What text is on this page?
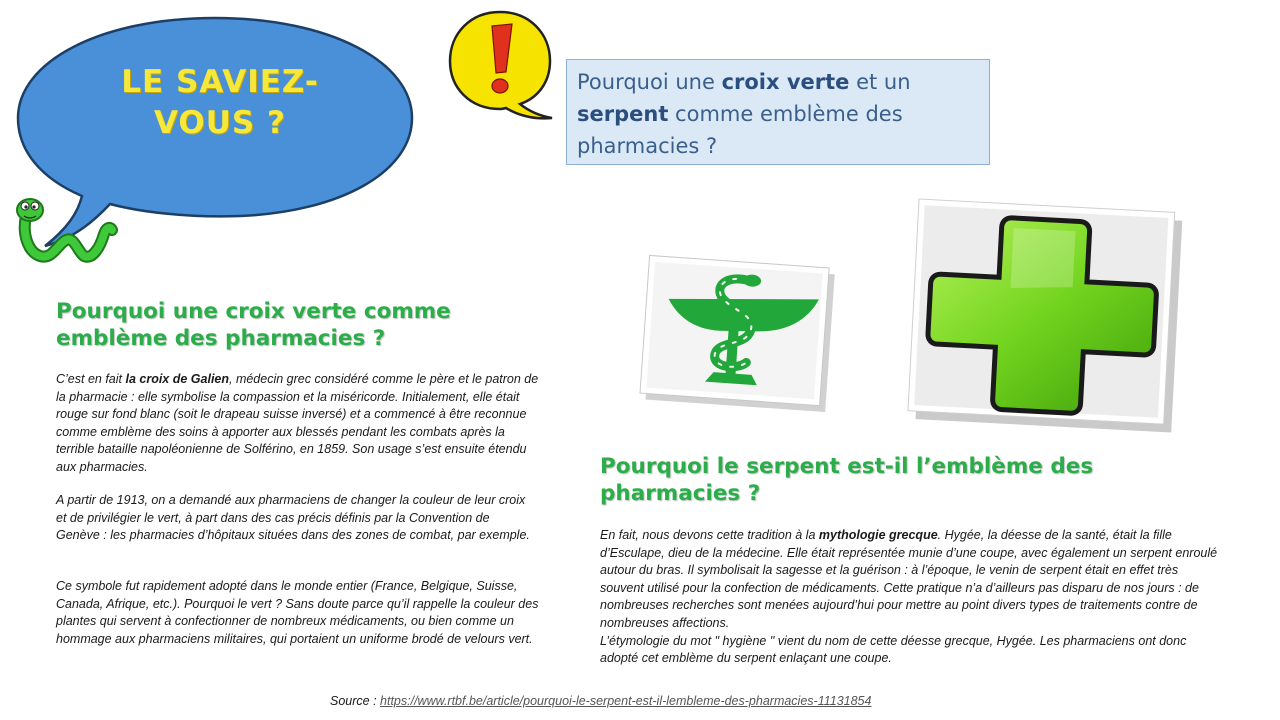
LE SAVIEZ-
VOUS ?
Pourquoi une croix verte et un serpent comme emblème des pharmacies ?
Pourquoi une croix verte comme emblème des pharmacies ?

C’est en fait la croix de Galien, médecin grec considéré comme le père et le patron de la pharmacie : elle symbolise la compassion et la miséricorde. Initialement, elle était rouge sur fond blanc (soit le drapeau suisse inversé) et a commencé à être reconnue comme emblème des soins à apporter aux blessés pendant les combats après la terrible bataille napoléonienne de Solférino, en 1859. Son usage s’est ensuite étendu aux pharmacies.

A partir de 1913, on a demandé aux pharmaciens de changer la couleur de leur croix et de privilégier le vert, à part dans des cas précis définis par la Convention de Genève : les pharmacies d’hôpitaux situées dans des zones de combat, par exemple.

Ce symbole fut rapidement adopté dans le monde entier (France, Belgique, Suisse, Canada, Afrique, etc.). Pourquoi le vert ? Sans doute parce qu’il rappelle la couleur des plantes qui servent à confectionner de nombreux médicaments, ou bien comme un hommage aux pharmaciens militaires, qui portaient un uniforme brodé de velours vert.

Pourquoi le serpent est-il l’emblème des pharmacies ?

En fait, nous devons cette tradition à la mythologie grecque. Hygée, la déesse de la santé, était la fille d’Esculape, dieu de la médecine. Elle était représentée munie d’une coupe, avec également un serpent enroulé autour du bras. Il symbolisait la sagesse et la guérison : à l’époque, le venin de serpent était en effet très souvent utilisé pour la confection de médicaments. Cette pratique n’a d’ailleurs pas disparu de nos jours : de nombreuses recherches sont menées aujourd’hui pour mettre au point divers types de traitements contre de nombreuses affections.
L’étymologie du mot " hygiène " vient du nom de cette déesse grecque, Hygée. Les pharmaciens ont donc adopté cet emblème du serpent enlaçant une coupe.

Source : https://www.rtbf.be/article/pourquoi-le-serpent-est-il-lembleme-des-pharmacies-11131854
